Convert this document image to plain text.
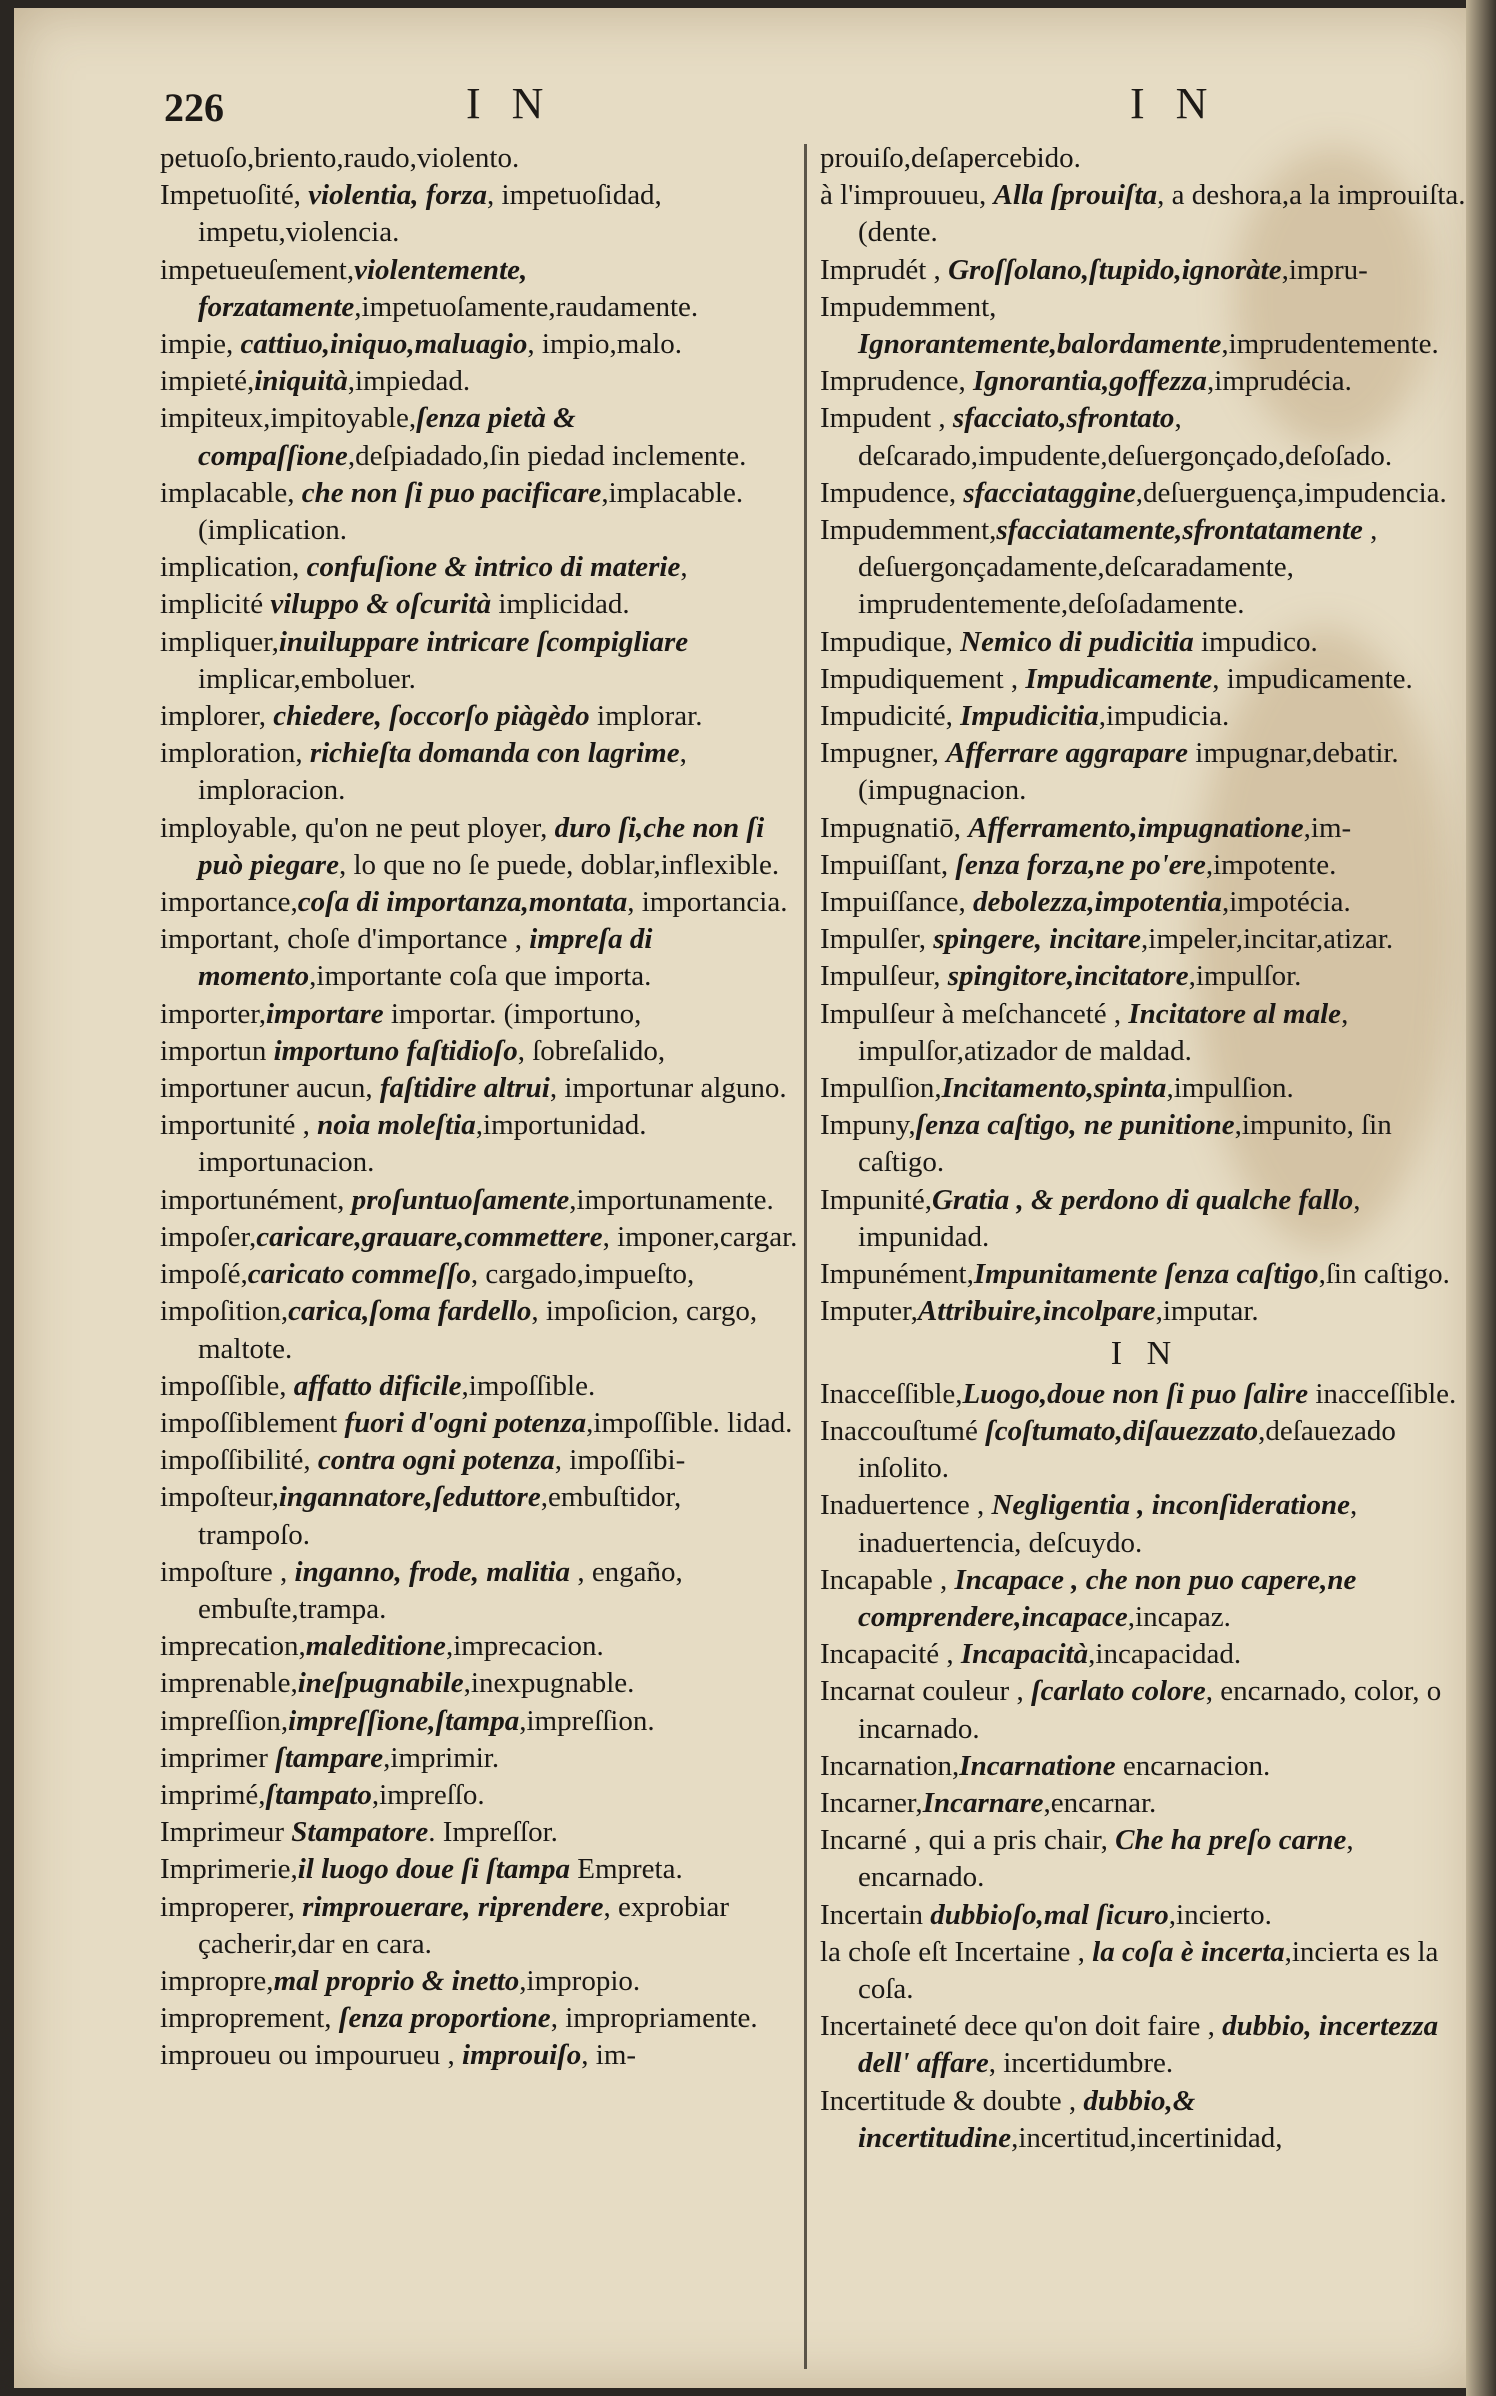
226	I N	I N

petuoſo,briento,raudo,violento.

Impetuoſité, violentia, forza, impetuoſidad, impetu,violencia.

impetueuſement,violentemente, forzatamente,impetuoſamente,raudamente.

impie, cattiuo,iniquo,maluagio, impio,malo.

impieté,iniquità,impiedad.

impiteux,impitoyable,ſenza pietà & compaſſione,deſpiadado,ſin piedad inclemente.

implacable, che non ſi puo pacificare,implacable. (implication.

implication, confuſione & intrico di materie,

implicité viluppo & oſcurità implicidad.

impliquer,inuiluppare intricare ſcompigliare implicar,emboluer.

implorer, chiedere, ſoccorſo piàgèdo implorar.

imploration, richieſta domanda con lagrime, imploracion.

imployable, qu'on ne peut ployer, duro ſi,che non ſi può piegare, lo que no ſe puede, doblar,inflexible.

importance,coſa di importanza,montata, importancia.

important, choſe d'importance , impreſa di momento,importante coſa que importa.

importer,importare importar. (importuno,

importun importuno faſtidioſo, ſobreſalido,

importuner aucun, faſtidire altrui, importunar alguno.

importunité , noia moleſtia,importunidad. importunacion.

importunément, proſuntuoſamente,importunamente.

impoſer,caricare,grauare,commettere, imponer,cargar.

impoſé,caricato commeſſo, cargado,impueſto,

impoſition,carica,ſoma fardello, impoſicion, cargo, maltote.

impoſſible, affatto dificile,impoſſible.

impoſſiblement fuori d'ogni potenza,impoſſible. lidad.

impoſſibilité, contra ogni potenza, impoſſibi-

impoſteur,ingannatore,ſeduttore,embuſtidor, trampoſo.

impoſture , inganno, frode, malitia , engaño, embuſte,trampa.

imprecation,maleditione,imprecacion.

imprenable,ineſpugnabile,inexpugnable.

impreſſion,impreſſione,ſtampa,impreſſion.

imprimer ſtampare,imprimir.

imprimé,ſtampato,impreſſo.

Imprimeur Stampatore. Impreſſor.

Imprimerie,il luogo doue ſi ſtampa Empreta.

improperer, rimprouerare, riprendere, exprobiar çacherir,dar en cara.

impropre,mal proprio & inetto,impropio.

improprement, ſenza proportione, impropriamente.

improueu ou impourueu , improuiſo, im-

prouiſo,deſapercebido.

à l'improuueu, Alla ſprouiſta, a deshora,a la improuiſta. (dente.

Imprudét , Groſſolano,ſtupido,ignoràte,impru-

Impudemment, Ignorantemente,balordamente,imprudentemente.

Imprudence, Ignorantia,goffezza,imprudécia.

Impudent , sfacciato,sfrontato, deſcarado,impudente,deſuergonçado,deſoſado.

Impudence, sfacciataggine,deſuerguença,impudencia.

Impudemment,sfacciatamente,sfrontatamente , deſuergonçadamente,deſcaradamente, imprudentemente,deſoſadamente.

Impudique, Nemico di pudicitia impudico.

Impudiquement , Impudicamente, impudicamente.

Impudicité, Impudicitia,impudicia.

Impugner, Afferrare aggrapare impugnar,debatir. (impugnacion.

Impugnatiō, Afferramento,impugnatione,im-

Impuiſſant, ſenza forza,ne po'ere,impotente.

Impuiſſance, debolezza,impotentia,impotécia.

Impulſer, spingere, incitare,impeler,incitar,atizar.

Impulſeur, spingitore,incitatore,impulſor.

Impulſeur à meſchanceté , Incitatore al male, impulſor,atizador de maldad.

Impulſion,Incitamento,spinta,impulſion.

Impuny,ſenza caſtigo, ne punitione,impunito, ſin caſtigo.

Impunité,Gratia , & perdono di qualche fallo, impunidad.

Impunément,Impunitamente ſenza caſtigo,ſin caſtigo.

Imputer,Attribuire,incolpare,imputar.

I N

Inacceſſible,Luogo,doue non ſi puo ſalire inacceſſible.

Inaccouſtumé ſcoſtumato,diſauezzato,deſauezado inſolito.

Inaduertence , Negligentia , inconſideratione, inaduertencia, deſcuydo.

Incapable , Incapace , che non puo capere,ne comprendere,incapace,incapaz.

Incapacité , Incapacità,incapacidad.

Incarnat couleur , ſcarlato colore, encarnado, color, o incarnado.

Incarnation,Incarnatione encarnacion.

Incarner,Incarnare,encarnar.

Incarné , qui a pris chair, Che ha preſo carne, encarnado.

Incertain dubbioſo,mal ſicuro,incierto.

la choſe eſt Incertaine , la coſa è incerta,incierta es la coſa.

Incertaineté dece qu'on doit faire , dubbio, incertezza dell' affare, incertidumbre.

Incertitude & doubte , dubbio,& incertitudine,incertitud,incertinidad,
